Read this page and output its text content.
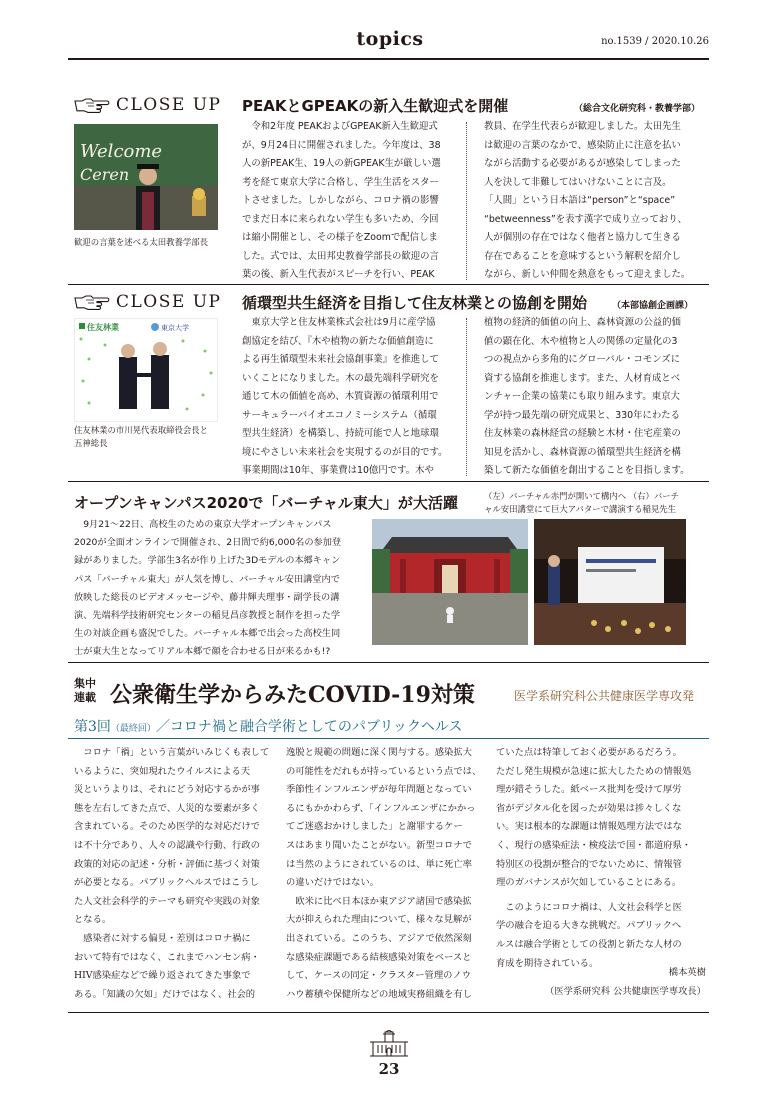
topics	no.1539 / 2020.10.26
CLOSE UP PEAKとGPEAKの新入生歓迎式を開催	（総合文化研究科・教養学部）
Welcome
Ceren
歓迎の言葉を述べる太田教養学部長
令和2年度 PEAKおよびGPEAK新入生歓迎式
が、9月24日に開催されました。今年度は、38
人の新PEAK生、19人の新GPEAK生が厳しい選
考を経て東京大学に合格し、学生生活をスター
トさせました。しかしながら、コロナ禍の影響
でまだ日本に来られない学生も多いため、今回
は縮小開催とし、その様子をZoomで配信しま
した。式では、太田邦史教養学部長の歓迎の言
葉の後、新入生代表がスピーチを行い、PEAK
教員、在学生代表らが歓迎しました。太田先生
は歓迎の言葉のなかで、感染防止に注意を払い
ながら活動する必要があるが感染してしまった
人を決して非難してはいけないことに言及。
「人間」という日本語は“person”と“space”
“betweenness”を表す漢字で成り立っており、
人が個別の存在ではなく他者と協力して生きる
存在であることを意味するという解釈を紹介し
ながら、新しい仲間を熱意をもって迎えました。
CLOSE UP 循環型共生経済を目指して住友林業との協創を開始	（本部協創企画課）
住友林業	東京大学
住友林業の市川晃代表取締役会長と
五神総長
東京大学と住友林業株式会社は9月に産学協
創協定を結び、『木や植物の新たな価値創造に
よる再生循環型未来社会協創事業』を推進して
いくことになりました。木の最先端科学研究を
通じて木の価値を高め、木質資源の循環利用で
サーキュラーバイオエコノミーシステム（循環
型共生経済）を構築し、持続可能で人と地球環
境にやさしい未来社会を実現するのが目的です。
事業期間は10年、事業費は10億円です。木や
植物の経済的価値の向上、森林資源の公益的価
値の顕在化、木や植物と人の関係の定量化の3
つの視点から多角的にグローバル・コモンズに
資する協創を推進します。また、人材育成とベ
ンチャー企業の協業にも取り組みます。東京大
学が持つ最先端の研究成果と、330年にわたる
住友林業の森林経営の経験と木材・住宅産業の
知見を活かし、森林資源の循環型共生経済を構
築して新たな価値を創出することを目指します。
オープンキャンパス2020で「バーチャル東大」が大活躍	（左）バーチャル赤門が開いて構内へ （右）バーチ
ャル安田講堂にて巨大アバターで講演する稲見先生
9月21〜22日、高校生のための東京大学オープンキャンパス
2020が全面オンラインで開催され、2日間で約6,000名の参加登
録がありました。学部生3名が作り上げた3Dモデルの本郷キャン
パス「バーチャル東大」が人気を博し、バーチャル安田講堂内で
放映した総長のビデオメッセージや、藤井輝夫理事・副学長の講
演、先端科学技術研究センターの稲見昌彦教授と制作を担った学
生の対談企画も盛況でした。バーチャル本郷で出会った高校生同
士が東大生となってリアル本郷で顔を合わせる日が来るかも!?
集中
連載 公衆衛生学からみたCOVID-19対策	医学系研究科公共健康医学専攻発
第3回（最終回）／コロナ禍と融合学術としてのパブリックヘルス
コロナ「禍」という言葉がいみじくも表して
いるように、突如現れたウイルスによる天
災というよりは、それにどう対応するかが事
態を左右してきた点で、人災的な要素が多く
含まれている。そのため医学的な対応だけで
は不十分であり、人々の認識や行動、行政の
政策的対応の記述・分析・評価に基づく対策
が必要となる。パブリックヘルスではこうし
た人文社会科学的テーマも研究や実践の対象
となる。
感染者に対する偏見・差別はコロナ禍に
おいて特有ではなく、これまでハンセン病・
HIV感染症などで繰り返されてきた事象で
ある。「知識の欠如」だけではなく、社会的
逸脱と規範の問題に深く関与する。感染拡大
の可能性をだれもが持っているという点では、
季節性インフルエンザが毎年問題となってい
るにもかかわらず、「インフルエンザにかかっ
てご迷惑おかけしました」と謝罪するケー
スはあまり聞いたことがない。新型コロナで
は当然のようにされているのは、単に死亡率
の違いだけではない。
欧米に比べ日本ほか東アジア諸国で感染拡
大が抑えられた理由について、様々な見解が
出されている。このうち、アジアで依然深刻
な感染症課題である結核感染対策をベースと
して、ケースの同定・クラスター管理のノウ
ハウ蓄積や保健所などの地域実務組織を有し
ていた点は特筆しておく必要があるだろう。
ただし発生規模が急速に拡大したための情報処
理が錯そうした。紙ベース批判を受けて厚労
省がデジタル化を図ったが効果は捗々しくな
い。実は根本的な課題は情報処理方法ではな
く、現行の感染症法・検疫法で国・都道府県・
特別区の役割が整合的でないために、情報管
理のガバナンスが欠如していることにある。
このようにコロナ禍は、人文社会科学と医
学の融合を迫る大きな挑戦だ。パブリックへ
ルスは融合学術としての役割と新たな人材の
育成を期待されている。
橋本英樹
（医学系研究科 公共健康医学専攻長）
23
